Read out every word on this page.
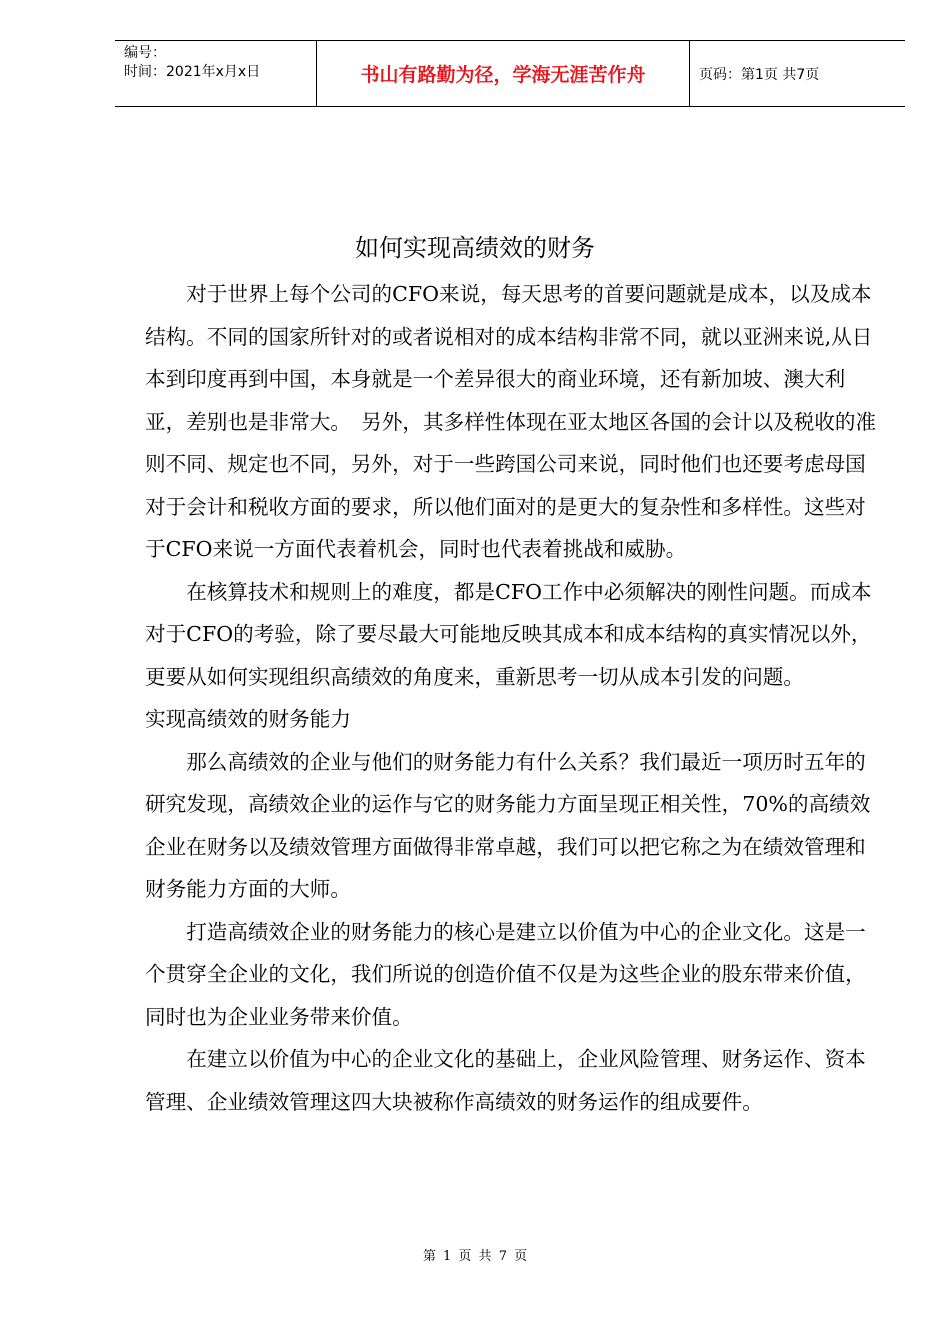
编号：
时间：2021年x月x日	书山有路勤为径，学海无涯苦作舟	页码：第1页 共7页
如何实现高绩效的财务

对于世界上每个公司的CFO来说，每天思考的首要问题就是成本，以及成本结构。不同的国家所针对的或者说相对的成本结构非常不同，就以亚洲来说,从日本到印度再到中国，本身就是一个差异很大的商业环境，还有新加坡、澳大利亚，差别也是非常大。　另外，其多样性体现在亚太地区各国的会计以及税收的准则不同、规定也不同，另外，对于一些跨国公司来说，同时他们也还要考虑母国对于会计和税收方面的要求，所以他们面对的是更大的复杂性和多样性。这些对于CFO来说一方面代表着机会，同时也代表着挑战和威胁。

在核算技术和规则上的难度，都是CFO工作中必须解决的刚性问题。而成本对于CFO的考验，除了要尽最大可能地反映其成本和成本结构的真实情况以外，更要从如何实现组织高绩效的角度来，重新思考一切从成本引发的问题。

实现高绩效的财务能力

那么高绩效的企业与他们的财务能力有什么关系？我们最近一项历时五年的研究发现，高绩效企业的运作与它的财务能力方面呈现正相关性，70%的高绩效企业在财务以及绩效管理方面做得非常卓越，我们可以把它称之为在绩效管理和财务能力方面的大师。

打造高绩效企业的财务能力的核心是建立以价值为中心的企业文化。这是一个贯穿全企业的文化，我们所说的创造价值不仅是为这些企业的股东带来价值，同时也为企业业务带来价值。

在建立以价值为中心的企业文化的基础上，企业风险管理、财务运作、资本管理、企业绩效管理这四大块被称作高绩效的财务运作的组成要件。

第 1 页 共 7 页
